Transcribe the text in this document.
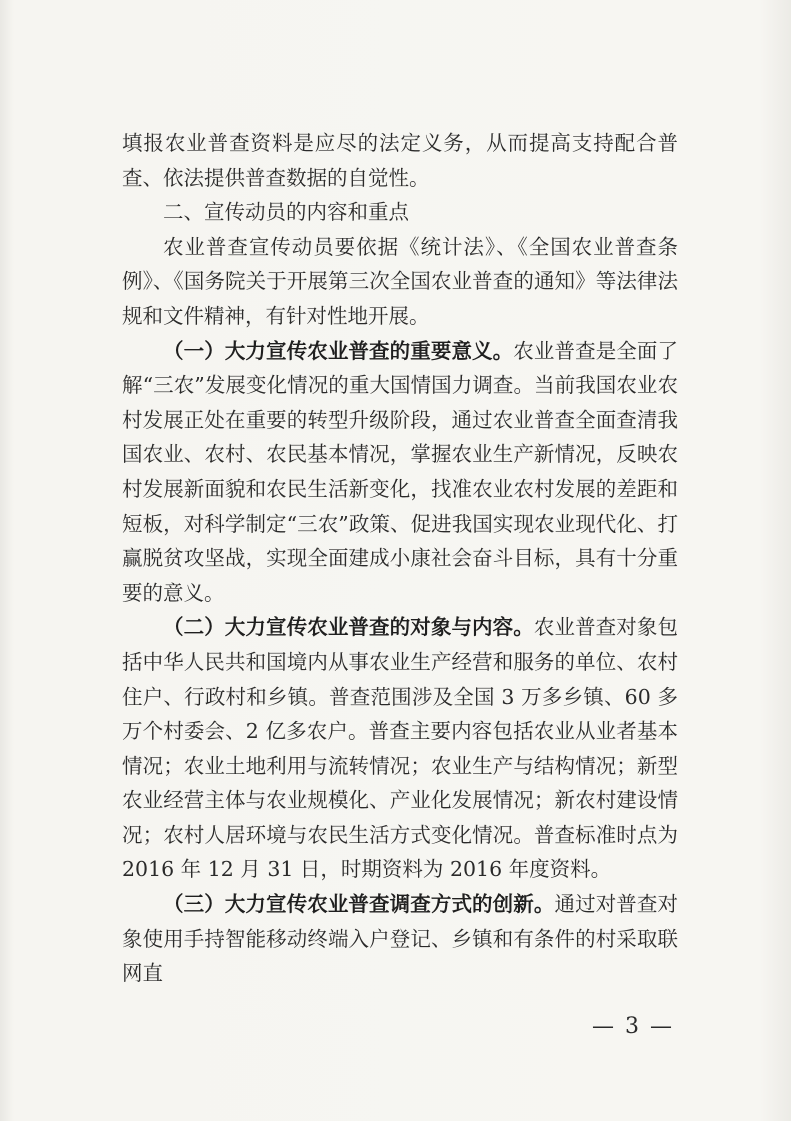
填报农业普查资料是应尽的法定义务，从而提高支持配合普查、依法提供普查数据的自觉性。

二、宣传动员的内容和重点

农业普查宣传动员要依据《统计法》、《全国农业普查条例》、《国务院关于开展第三次全国农业普查的通知》等法律法规和文件精神，有针对性地开展。

（一）大力宣传农业普查的重要意义。农业普查是全面了解“三农”发展变化情况的重大国情国力调查。当前我国农业农村发展正处在重要的转型升级阶段，通过农业普查全面查清我国农业、农村、农民基本情况，掌握农业生产新情况，反映农村发展新面貌和农民生活新变化，找准农业农村发展的差距和短板，对科学制定“三农”政策、促进我国实现农业现代化、打赢脱贫攻坚战，实现全面建成小康社会奋斗目标，具有十分重要的意义。

（二）大力宣传农业普查的对象与内容。农业普查对象包括中华人民共和国境内从事农业生产经营和服务的单位、农村住户、行政村和乡镇。普查范围涉及全国 3 万多乡镇、60 多万个村委会、2 亿多农户。普查主要内容包括农业从业者基本情况；农业土地利用与流转情况；农业生产与结构情况；新型农业经营主体与农业规模化、产业化发展情况；新农村建设情况；农村人居环境与农民生活方式变化情况。普查标准时点为 2016 年 12 月 31 日，时期资料为 2016 年度资料。

（三）大力宣传农业普查调查方式的创新。通过对普查对象使用手持智能移动终端入户登记、乡镇和有条件的村采取联网直

— 3 —
